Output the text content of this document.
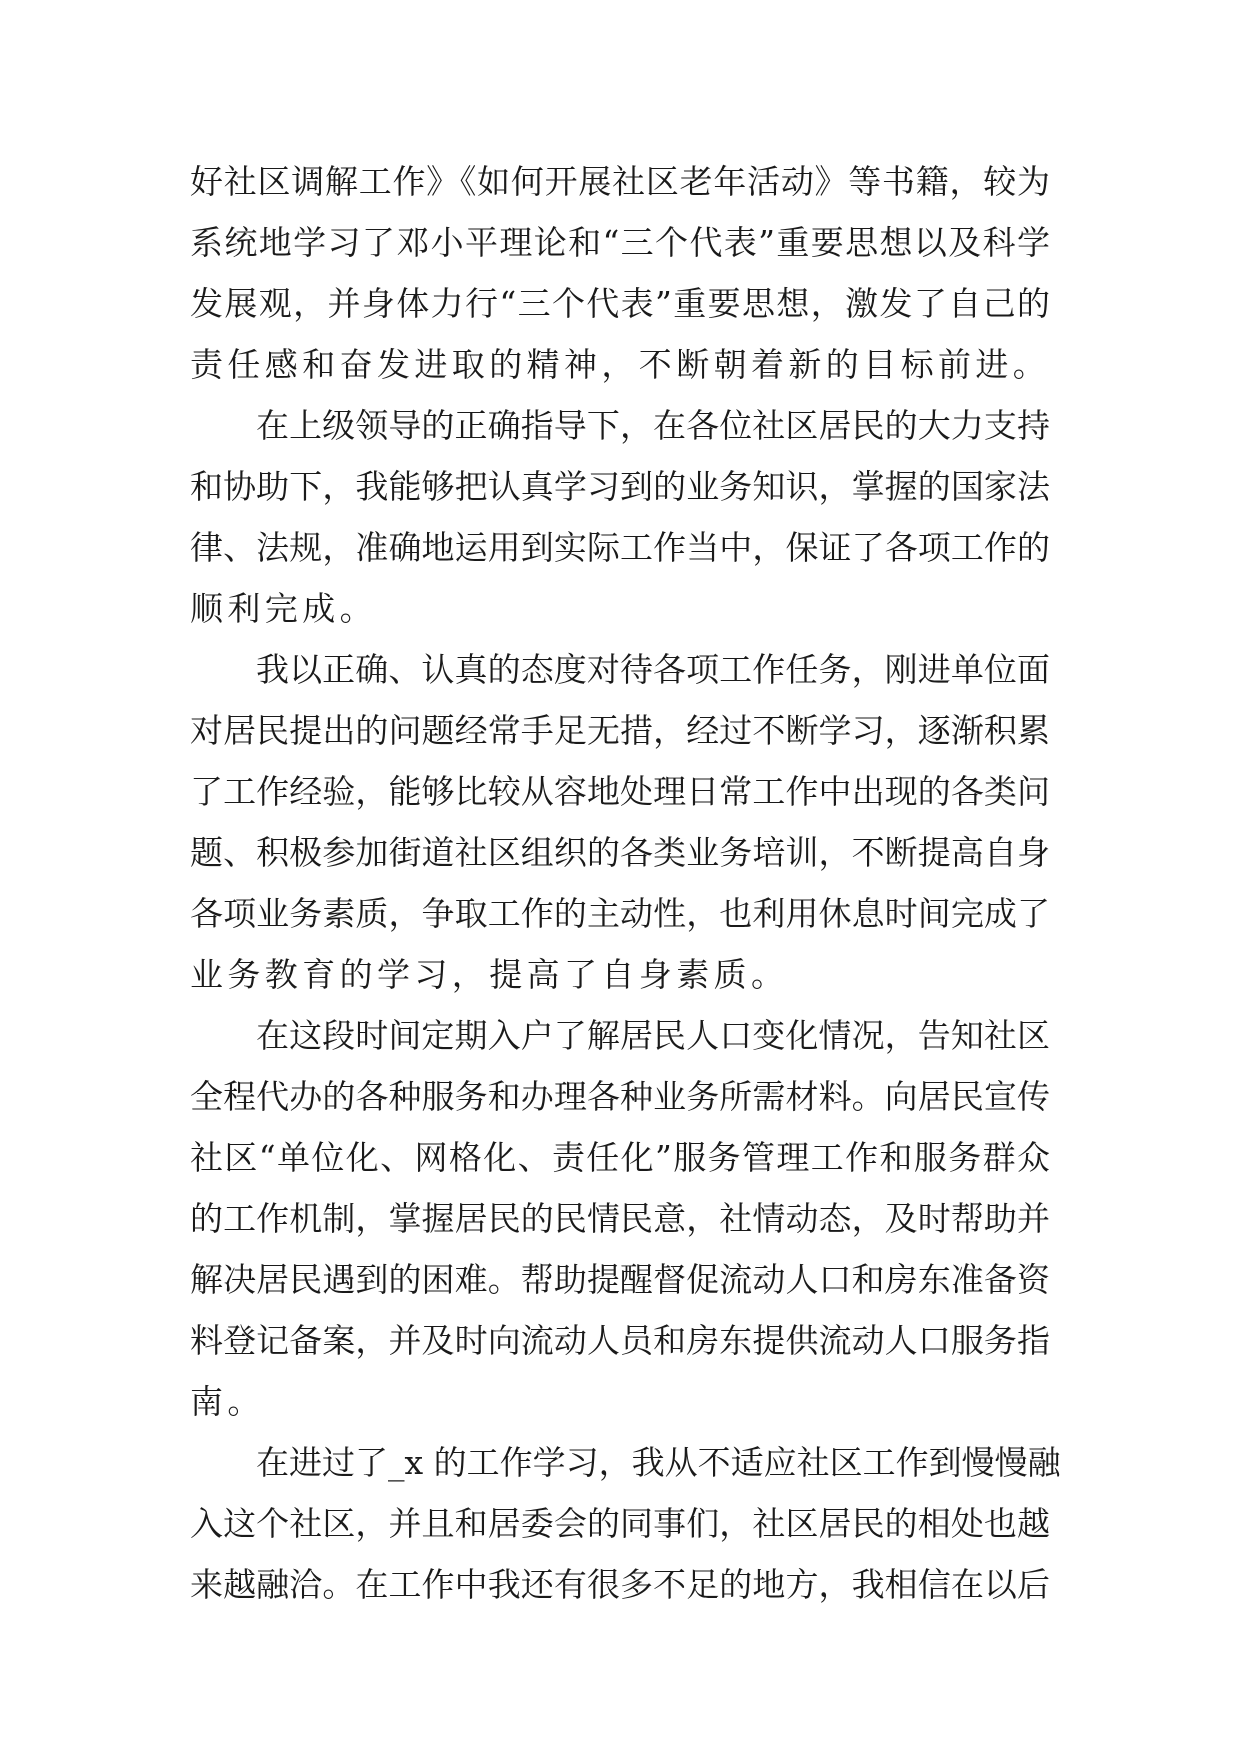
好社区调解工作》《如何开展社区老年活动》等书籍，较为
系统地学习了邓小平理论和“三个代表”重要思想以及科学
发展观，并身体力行“三个代表”重要思想，激发了自己的
责任感和奋发进取的精神，不断朝着新的目标前进。
在上级领导的正确指导下，在各位社区居民的大力支持
和协助下，我能够把认真学习到的业务知识，掌握的国家法
律、法规，准确地运用到实际工作当中，保证了各项工作的
顺利完成。
我以正确、认真的态度对待各项工作任务，刚进单位面
对居民提出的问题经常手足无措，经过不断学习，逐渐积累
了工作经验，能够比较从容地处理日常工作中出现的各类问
题、积极参加街道社区组织的各类业务培训，不断提高自身
各项业务素质，争取工作的主动性，也利用休息时间完成了
业务教育的学习，提高了自身素质。
在这段时间定期入户了解居民人口变化情况，告知社区
全程代办的各种服务和办理各种业务所需材料。向居民宣传
社区“单位化、网格化、责任化”服务管理工作和服务群众
的工作机制，掌握居民的民情民意，社情动态，及时帮助并
解决居民遇到的困难。帮助提醒督促流动人口和房东准备资
料登记备案，并及时向流动人员和房东提供流动人口服务指
南。
在进过了_x 的工作学习，我从不适应社区工作到慢慢融
入这个社区，并且和居委会的同事们，社区居民的相处也越
来越融洽。在工作中我还有很多不足的地方，我相信在以后
